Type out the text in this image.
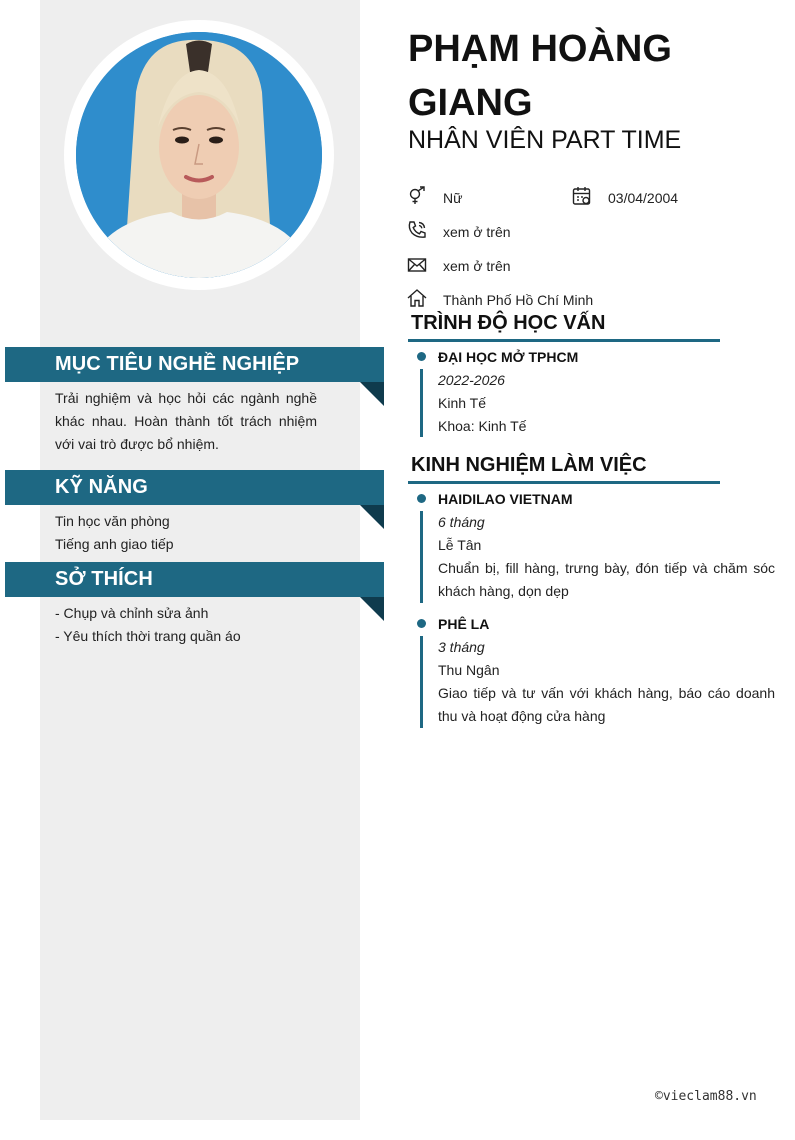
MỤC TIÊU NGHỀ NGHIỆP
Trải nghiệm và học hỏi các ngành nghề khác nhau. Hoàn thành tốt trách nhiệm với vai trò được bổ nhiệm.
KỸ NĂNG
Tin học văn phòng
Tiếng anh giao tiếp
SỞ THÍCH
- Chụp và chỉnh sửa ảnh
- Yêu thích thời trang quần áo
PHẠM HOÀNG GIANG
NHÂN VIÊN PART TIME
Nữ	03/04/2004
xem ở trên
xem ở trên
Thành Phố Hồ Chí Minh
TRÌNH ĐỘ HỌC VẤN
ĐẠI HỌC MỞ TPHCM
2022-2026
Kinh Tế
Khoa: Kinh Tế
KINH NGHIỆM LÀM VIỆC
HAIDILAO VIETNAM
6 tháng
Lễ Tân
Chuẩn bị, fill hàng, trưng bày, đón tiếp và chăm sóc khách hàng, dọn dẹp
PHÊ LA
3 tháng
Thu Ngân
Giao tiếp và tư vấn với khách hàng, báo cáo doanh thu và hoạt động cửa hàng
©vieclam88.vn
